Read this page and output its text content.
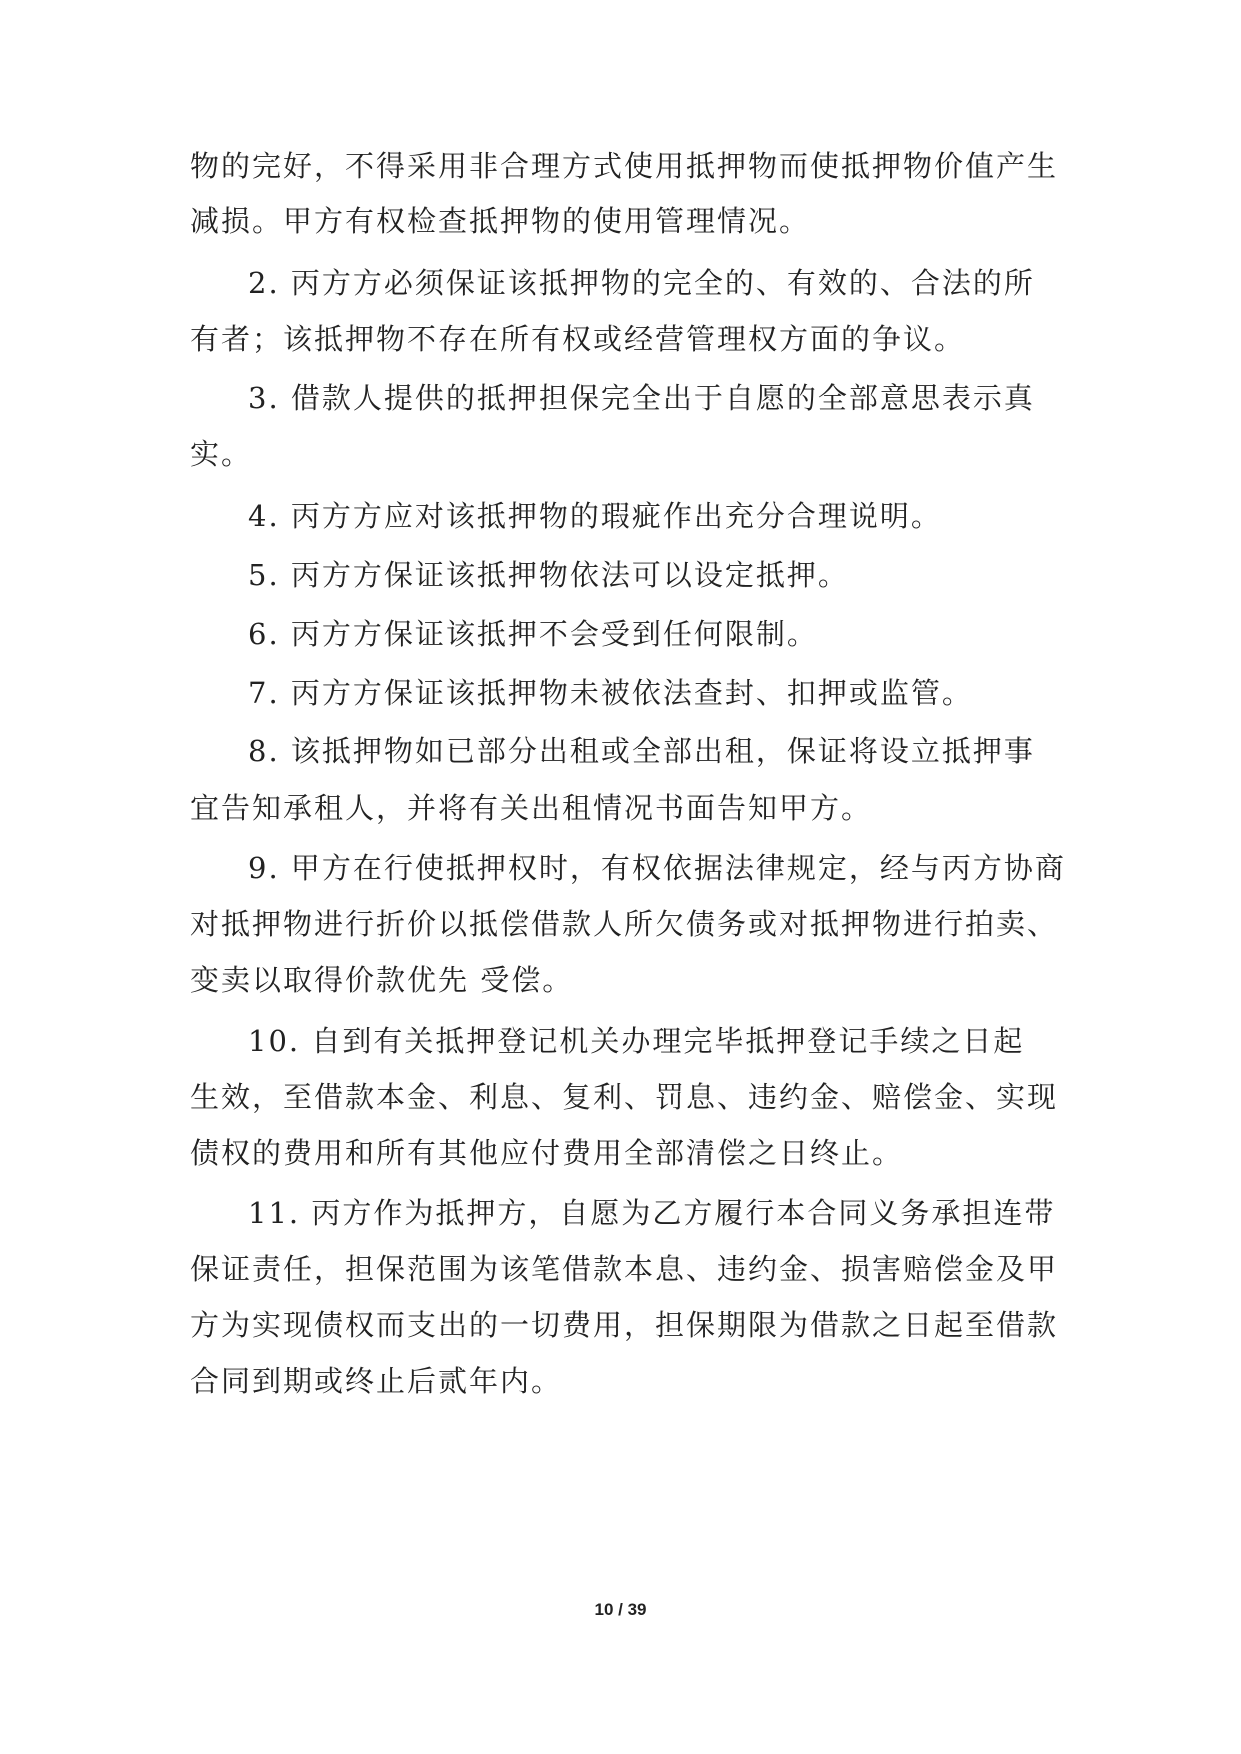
物的完好，不得采用非合理方式使用抵押物而使抵押物价值产生
减损。甲方有权检查抵押物的使用管理情况。
2. 丙方方必须保证该抵押物的完全的、有效的、合法的所
有者；该抵押物不存在所有权或经营管理权方面的争议。
3. 借款人提供的抵押担保完全出于自愿的全部意思表示真
实。
4. 丙方方应对该抵押物的瑕疵作出充分合理说明。
5. 丙方方保证该抵押物依法可以设定抵押。
6. 丙方方保证该抵押不会受到任何限制。
7. 丙方方保证该抵押物未被依法查封、扣押或监管。
8. 该抵押物如已部分出租或全部出租，保证将设立抵押事
宜告知承租人，并将有关出租情况书面告知甲方。
9. 甲方在行使抵押权时，有权依据法律规定，经与丙方协商
对抵押物进行折价以抵偿借款人所欠债务或对抵押物进行拍卖、
变卖以取得价款优先 受偿。
10. 自到有关抵押登记机关办理完毕抵押登记手续之日起
生效，至借款本金、利息、复利、罚息、违约金、赔偿金、实现
债权的费用和所有其他应付费用全部清偿之日终止。
11. 丙方作为抵押方，自愿为乙方履行本合同义务承担连带
保证责任，担保范围为该笔借款本息、违约金、损害赔偿金及甲
方为实现债权而支出的一切费用，担保期限为借款之日起至借款
合同到期或终止后贰年内。
10 / 39
